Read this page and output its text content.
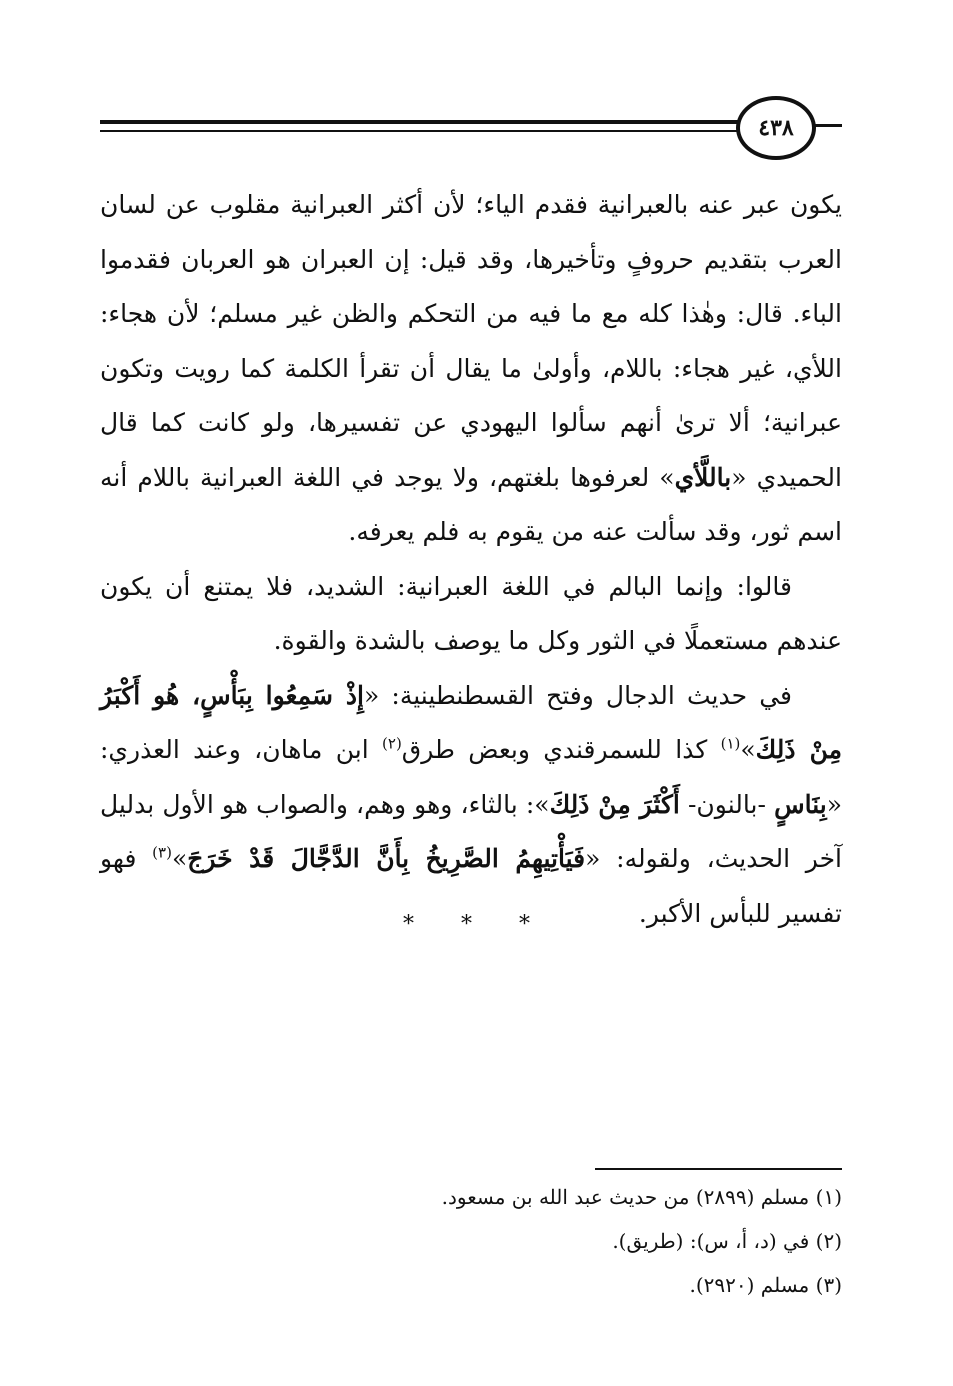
٤٣٨

يكون عبر عنه بالعبرانية فقدم الياء؛ لأن أكثر العبرانية مقلوب عن لسان العرب بتقديم حروفٍ وتأخيرها، وقد قيل: إن العبران هو العربان فقدموا الباء. قال: وهٰذا كله مع ما فيه من التحكم والظن غير مسلم؛ لأن هجاء: اللأي، غير هجاء: باللام، وأولىٰ ما يقال أن تقرأ الكلمة كما رويت وتكون عبرانية؛ ألا ترىٰ أنهم سألوا اليهودي عن تفسيرها، ولو كانت كما قال الحميدي «باللَّأي» لعرفوها بلغتهم، ولا يوجد في اللغة العبرانية باللام أنه اسم ثور، وقد سألت عنه من يقوم به فلم يعرفه.

قالوا: وإنما البالم في اللغة العبرانية: الشديد، فلا يمتنع أن يكون عندهم مستعملًا في الثور وكل ما يوصف بالشدة والقوة.

في حديث الدجال وفتح القسطنطينية: «إِذْ سَمِعُوا بِبَأْسٍ، هُو أَكْبَرُ مِنْ ذَلِكَ»$^{(١)}$ كذا للسمرقندي وبعض طرق$^{(٢)}$ ابن ماهان، وعند العذري: «بِنَاسٍ -بالنون- أَكْثَرَ مِنْ ذَلِكَ»: بالثاء، وهو وهم، والصواب هو الأول بدليل آخر الحديث، ولقوله: «فَيَأْتِيهِمُ الصَّرِيخُ بِأَنَّ الدَّجَّالَ قَدْ خَرَجَ»$^{(٣)}$ فهو تفسير للبأس الأكبر.

* * *

(١) مسلم (٢٨٩٩) من حديث عبد الله بن مسعود.

(٢) في (د، أ، س): (طريق).

(٣) مسلم (٢٩٢٠).
